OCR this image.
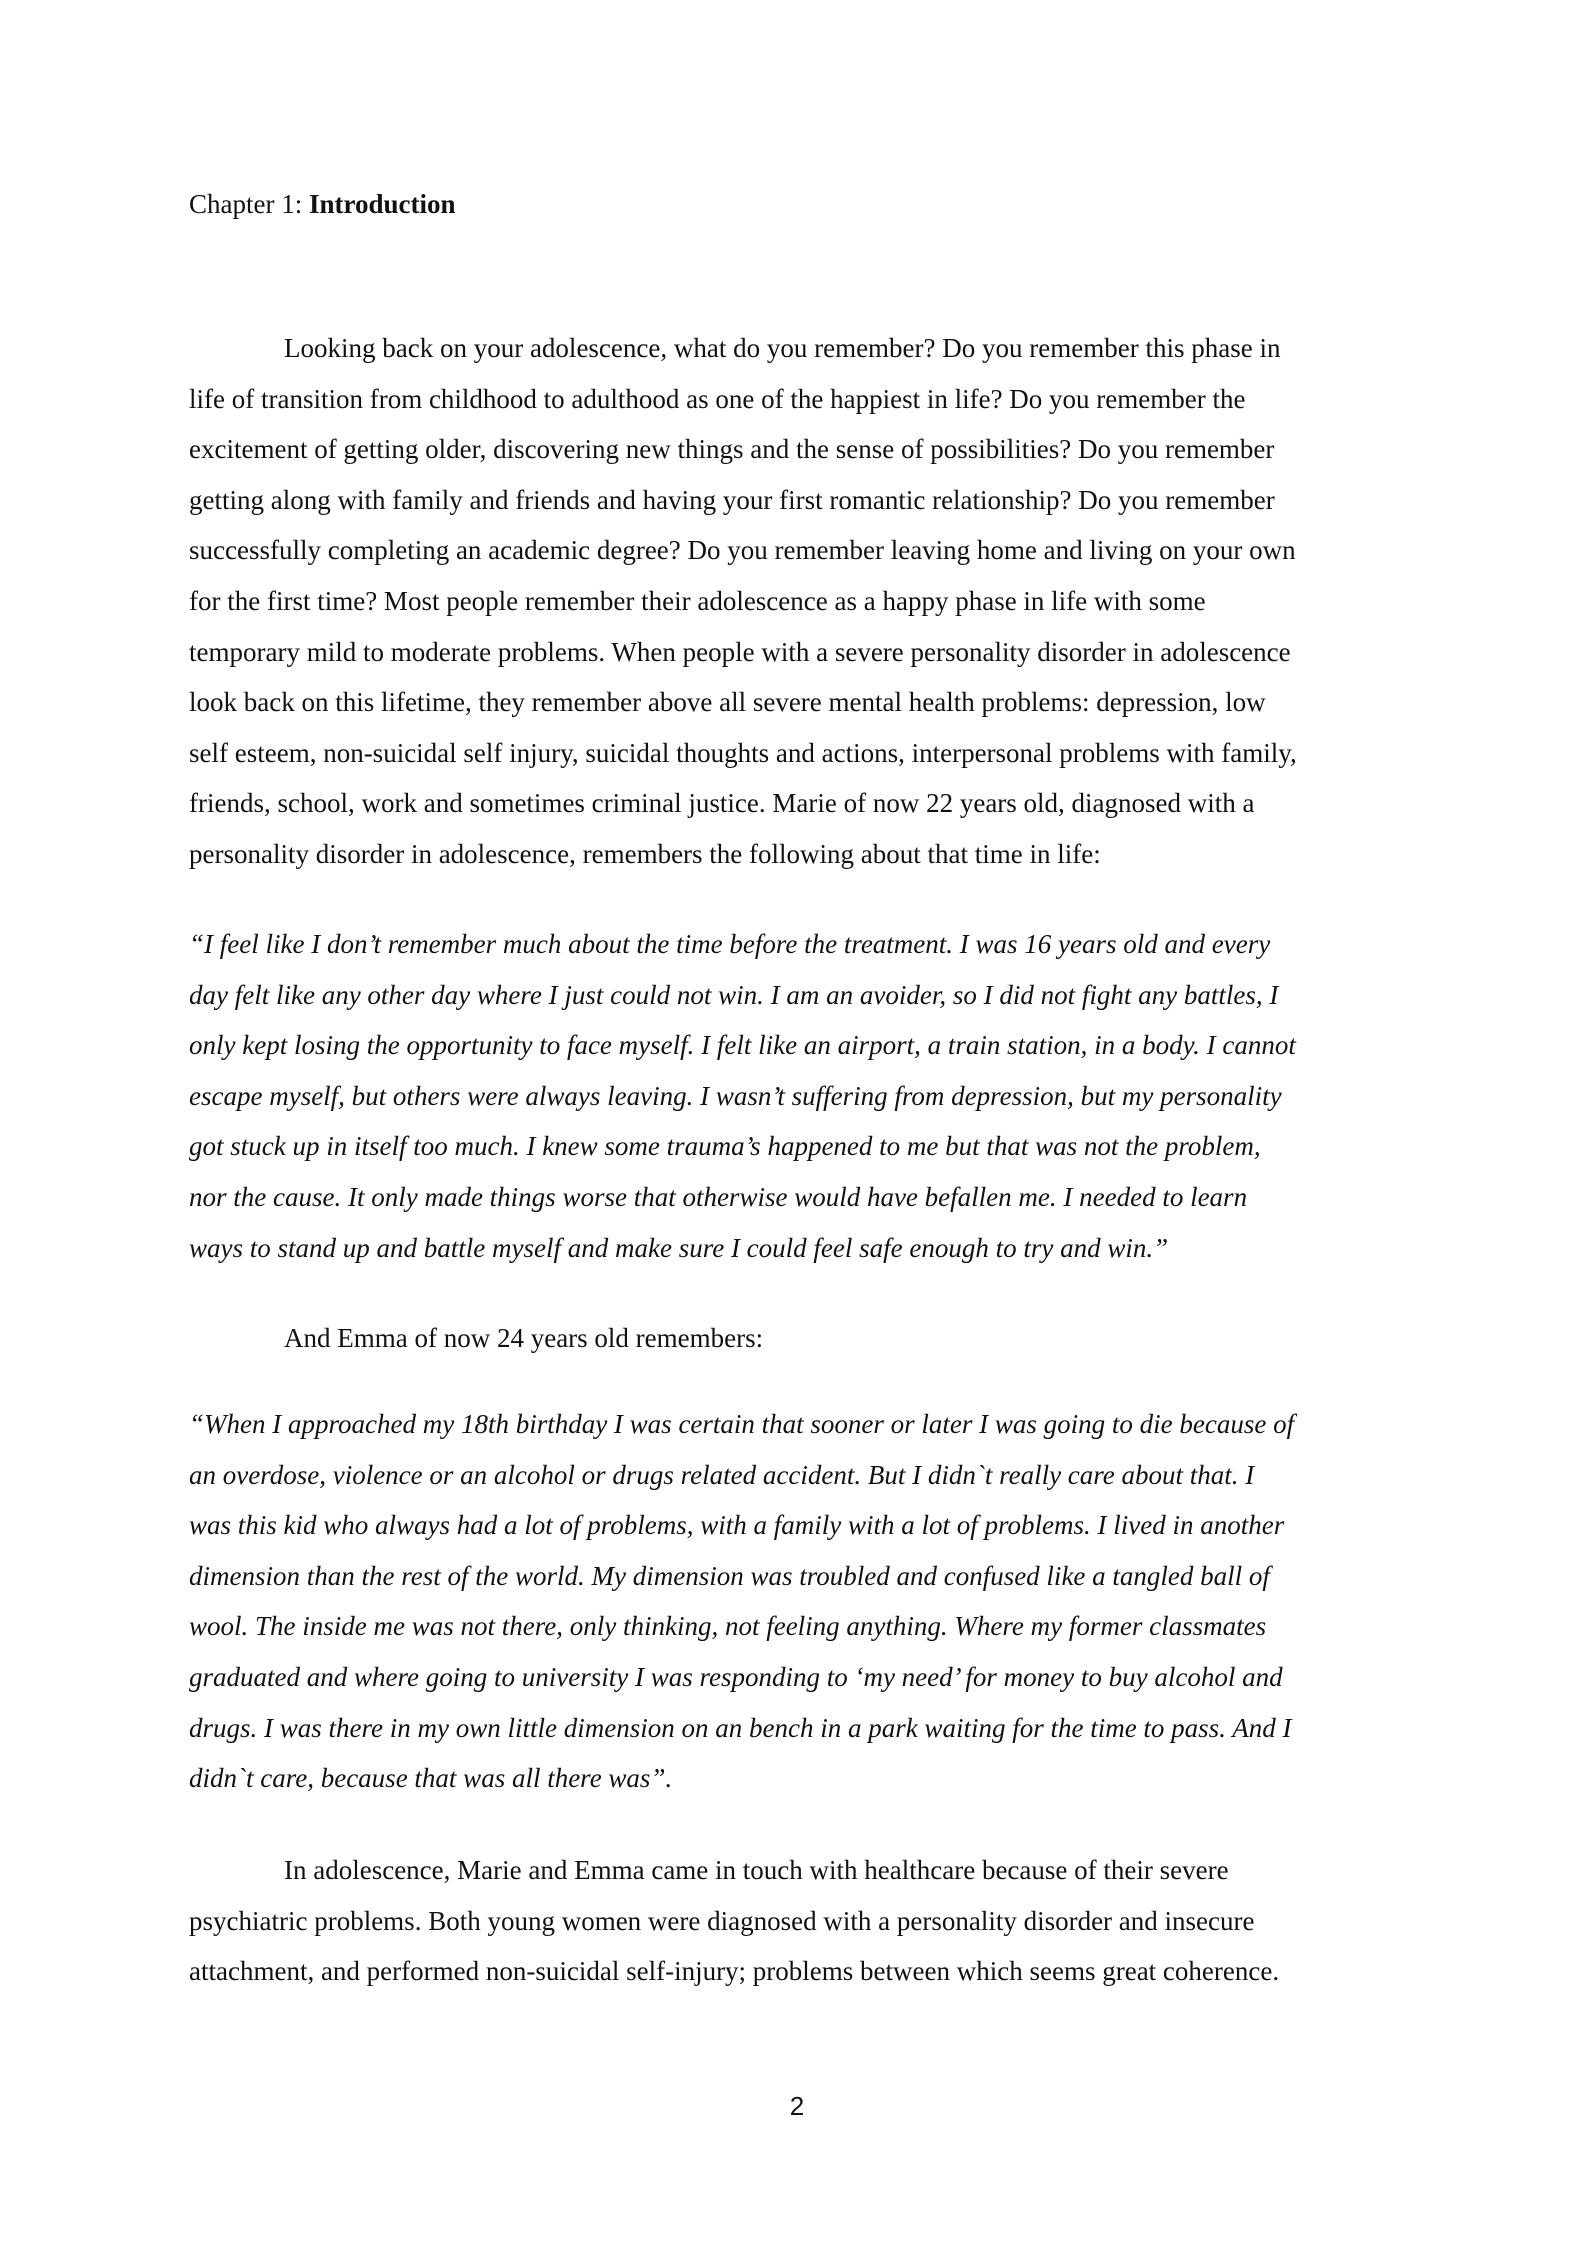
Chapter 1: Introduction

Looking back on your adolescence, what do you remember? Do you remember this phase in
life of transition from childhood to adulthood as one of the happiest in life? Do you remember the
excitement of getting older, discovering new things and the sense of possibilities? Do you remember
getting along with family and friends and having your first romantic relationship? Do you remember
successfully completing an academic degree? Do you remember leaving home and living on your own
for the first time? Most people remember their adolescence as a happy phase in life with some
temporary mild to moderate problems. When people with a severe personality disorder in adolescence
look back on this lifetime, they remember above all severe mental health problems: depression, low
self esteem, non-suicidal self injury, suicidal thoughts and actions, interpersonal problems with family,
friends, school, work and sometimes criminal justice. Marie of now 22 years old, diagnosed with a
personality disorder in adolescence, remembers the following about that time in life:

“I feel like I don’t remember much about the time before the treatment. I was 16 years old and every
day felt like any other day where I just could not win. I am an avoider, so I did not fight any battles, I
only kept losing the opportunity to face myself. I felt like an airport, a train station, in a body. I cannot
escape myself, but others were always leaving. I wasn’t suffering from depression, but my personality
got stuck up in itself too much. I knew some trauma’s happened to me but that was not the problem,
nor the cause. It only made things worse that otherwise would have befallen me. I needed to learn
ways to stand up and battle myself and make sure I could feel safe enough to try and win.”

And Emma of now 24 years old remembers:

“When I approached my 18th birthday I was certain that sooner or later I was going to die because of
an overdose, violence or an alcohol or drugs related accident. But I didn`t really care about that. I
was this kid who always had a lot of problems, with a family with a lot of problems. I lived in another
dimension than the rest of the world. My dimension was troubled and confused like a tangled ball of
wool. The inside me was not there, only thinking, not feeling anything. Where my former classmates
graduated and where going to university I was responding to ‘my need’ for money to buy alcohol and
drugs. I was there in my own little dimension on an bench in a park waiting for the time to pass. And I
didn`t care, because that was all there was”.

In adolescence, Marie and Emma came in touch with healthcare because of their severe
psychiatric problems. Both young women were diagnosed with a personality disorder and insecure
attachment, and performed non-suicidal self-injury; problems between which seems great coherence.

2
